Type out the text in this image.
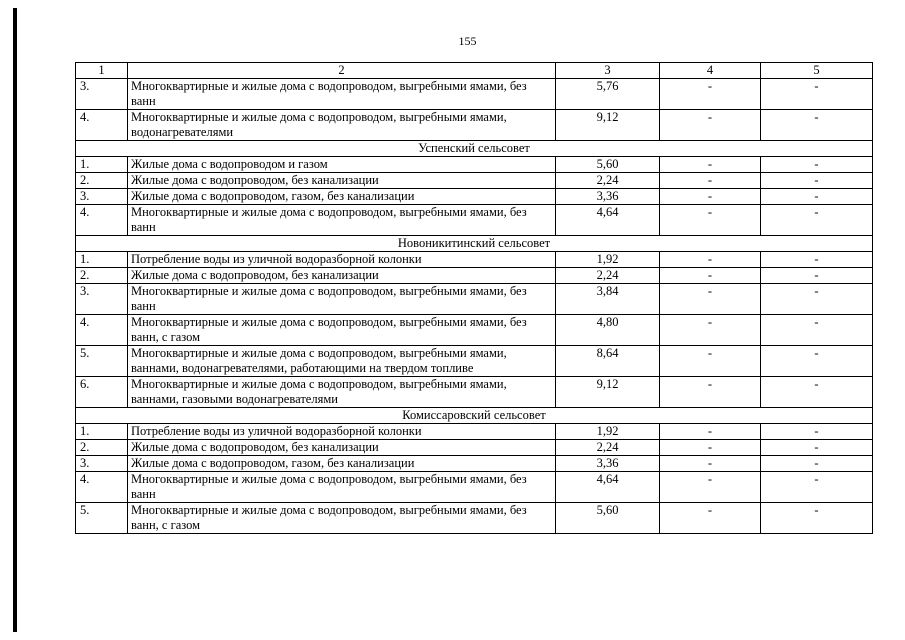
155
1	2	3	4	5
3.	Многоквартирные и жилые дома с водопроводом, выгребными ямами, без ванн	5,76	-	-
4.	Многоквартирные и жилые дома с водопроводом, выгребными ямами, водонагревателями	9,12	-	-
Успенский сельсовет				
1.	Жилые дома с водопроводом и газом	5,60	-	-
2.	Жилые дома с водопроводом, без канализации	2,24	-	-
3.	Жилые дома с водопроводом, газом, без канализации	3,36	-	-
4.	Многоквартирные и жилые дома с водопроводом, выгребными ямами, без ванн	4,64	-	-
Новоникитинский сельсовет				
1.	Потребление воды из уличной водоразборной колонки	1,92	-	-
2.	Жилые дома с водопроводом, без канализации	2,24	-	-
3.	Многоквартирные и жилые дома с водопроводом, выгребными ямами, без ванн	3,84	-	-
4.	Многоквартирные и жилые дома с водопроводом, выгребными ямами, без ванн, с газом	4,80	-	-
5.	Многоквартирные и жилые дома с водопроводом, выгребными ямами, ваннами, водонагревателями, работающими на твердом топливе	8,64	-	-
6.	Многоквартирные и жилые дома с водопроводом, выгребными ямами, ваннами, газовыми водонагревателями	9,12	-	-
Комиссаровский сельсовет				
1.	Потребление воды из уличной водоразборной колонки	1,92	-	-
2.	Жилые дома с водопроводом, без канализации	2,24	-	-
3.	Жилые дома с водопроводом, газом, без канализации	3,36	-	-
4.	Многоквартирные и жилые дома с водопроводом, выгребными ямами, без ванн	4,64	-	-
5.	Многоквартирные и жилые дома с водопроводом, выгребными ямами, без ванн, с газом	5,60	-	-
